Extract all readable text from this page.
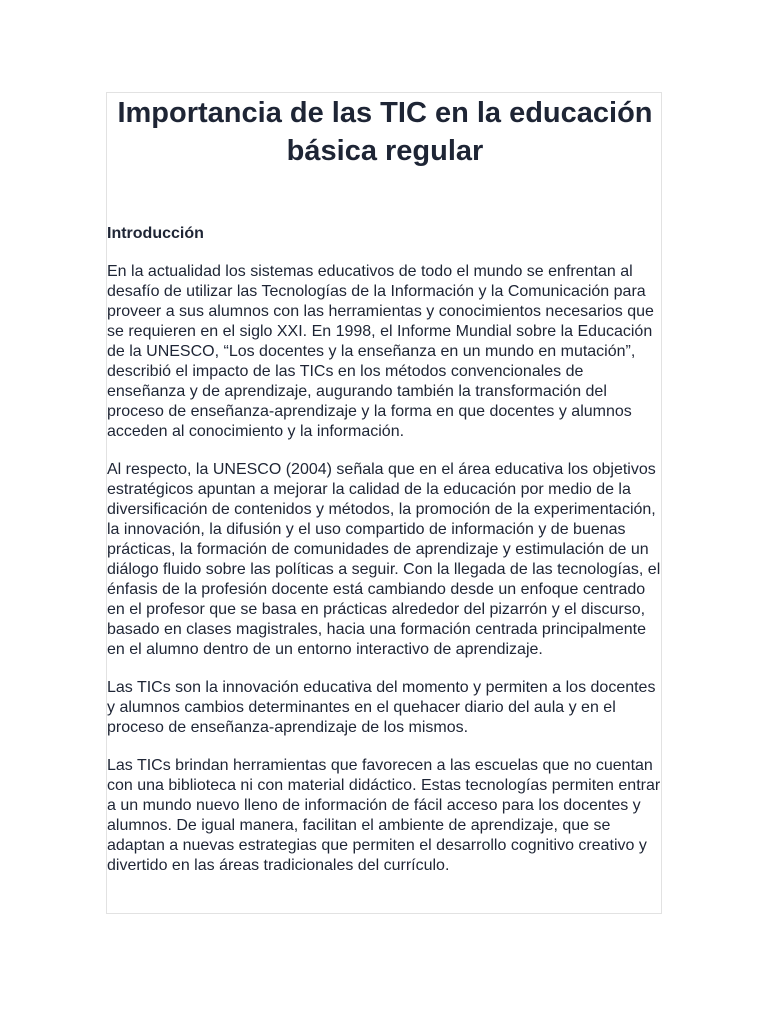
Importancia de las TIC en la educación básica regular
Introducción

En la actualidad los sistemas educativos de todo el mundo se enfrentan al desafío de utilizar las Tecnologías de la Información y la Comunicación para proveer a sus alumnos con las herramientas y conocimientos necesarios que se requieren en el siglo XXI. En 1998, el Informe Mundial sobre la Educación de la UNESCO, “Los docentes y la enseñanza en un mundo en mutación”, describió el impacto de las TICs en los métodos convencionales de enseñanza y de aprendizaje, augurando también la transformación del proceso de enseñanza-aprendizaje y la forma en que docentes y alumnos acceden al conocimiento y la información.

Al respecto, la UNESCO (2004) señala que en el área educativa los objetivos estratégicos apuntan a mejorar la calidad de la educación por medio de la diversificación de contenidos y métodos, la promoción de la experimentación, la innovación, la difusión y el uso compartido de información y de buenas prácticas, la formación de comunidades de aprendizaje y estimulación de un diálogo fluido sobre las políticas a seguir. Con la llegada de las tecnologías, el énfasis de la profesión docente está cambiando desde un enfoque centrado en el profesor que se basa en prácticas alrededor del pizarrón y el discurso, basado en clases magistrales, hacia una formación centrada principalmente en el alumno dentro de un entorno interactivo de aprendizaje.

Las TICs son la innovación educativa del momento y permiten a los docentes y alumnos cambios determinantes en el quehacer diario del aula y en el proceso de enseñanza-aprendizaje de los mismos.

Las TICs brindan herramientas que favorecen a las escuelas que no cuentan con una biblioteca ni con material didáctico. Estas tecnologías permiten entrar a un mundo nuevo lleno de información de fácil acceso para los docentes y alumnos. De igual manera, facilitan el ambiente de aprendizaje, que se adaptan a nuevas estrategias que permiten el desarrollo cognitivo creativo y divertido en las áreas tradicionales del currículo.
